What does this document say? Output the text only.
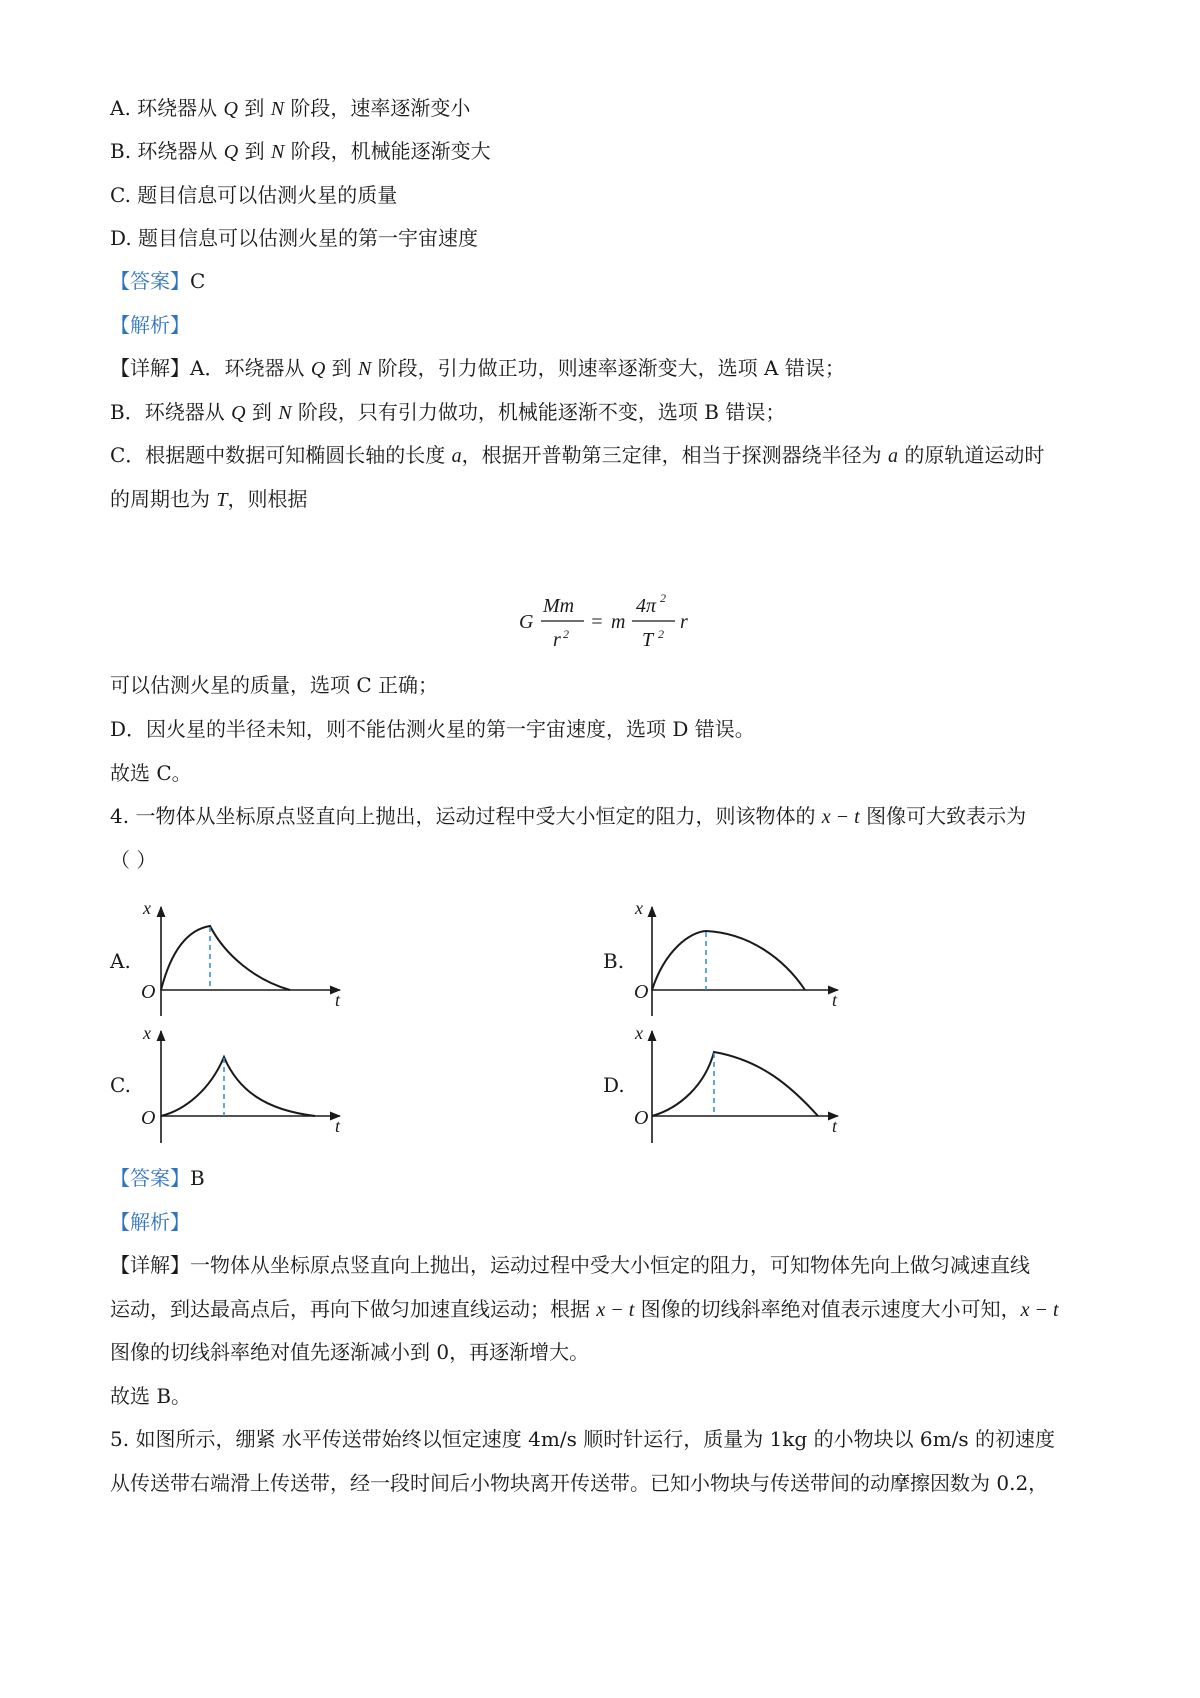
A. 环绕器从 Q 到 N 阶段，速率逐渐变小
B. 环绕器从 Q 到 N 阶段，机械能逐渐变大
C. 题目信息可以估测火星的质量
D. 题目信息可以估测火星的第一宇宙速度
【答案】C
【解析】
【详解】A．环绕器从 Q 到 N 阶段，引力做正功，则速率逐渐变大，选项 A 错误；
B．环绕器从 Q 到 N 阶段，只有引力做功，机械能逐渐不变，选项 B 错误；
C．根据题中数据可知椭圆长轴的长度 a，根据开普勒第三定律，相当于探测器绕半径为 a 的原轨道运动时
的周期也为 T，则根据
G
Mm
r 2
= m
4π 2
T 2
r
可以估测火星的质量，选项 C 正确；
D．因火星的半径未知，则不能估测火星的第一宇宙速度，选项 D 错误。
故选 C。
4. 一物体从坐标原点竖直向上抛出，运动过程中受大小恒定的阻力，则该物体的 x − t 图像可大致表示为
（ ）
A.	B.
C.	D.
x
t
O
x
t
O
x
t
O
x
t
O
【答案】B
【解析】
【详解】一物体从坐标原点竖直向上抛出，运动过程中受大小恒定的阻力，可知物体先向上做匀减速直线
运动，到达最高点后，再向下做匀加速直线运动；根据 x − t 图像的切线斜率绝对值表示速度大小可知，x − t
图像的切线斜率绝对值先逐渐减小到 0，再逐渐增大。
故选 B。
5. 如图所示，绷紧 水平传送带始终以恒定速度 4m/s 顺时针运行，质量为 1kg 的小物块以 6m/s 的初速度
从传送带右端滑上传送带，经一段时间后小物块离开传送带。已知小物块与传送带间的动摩擦因数为 0.2，
